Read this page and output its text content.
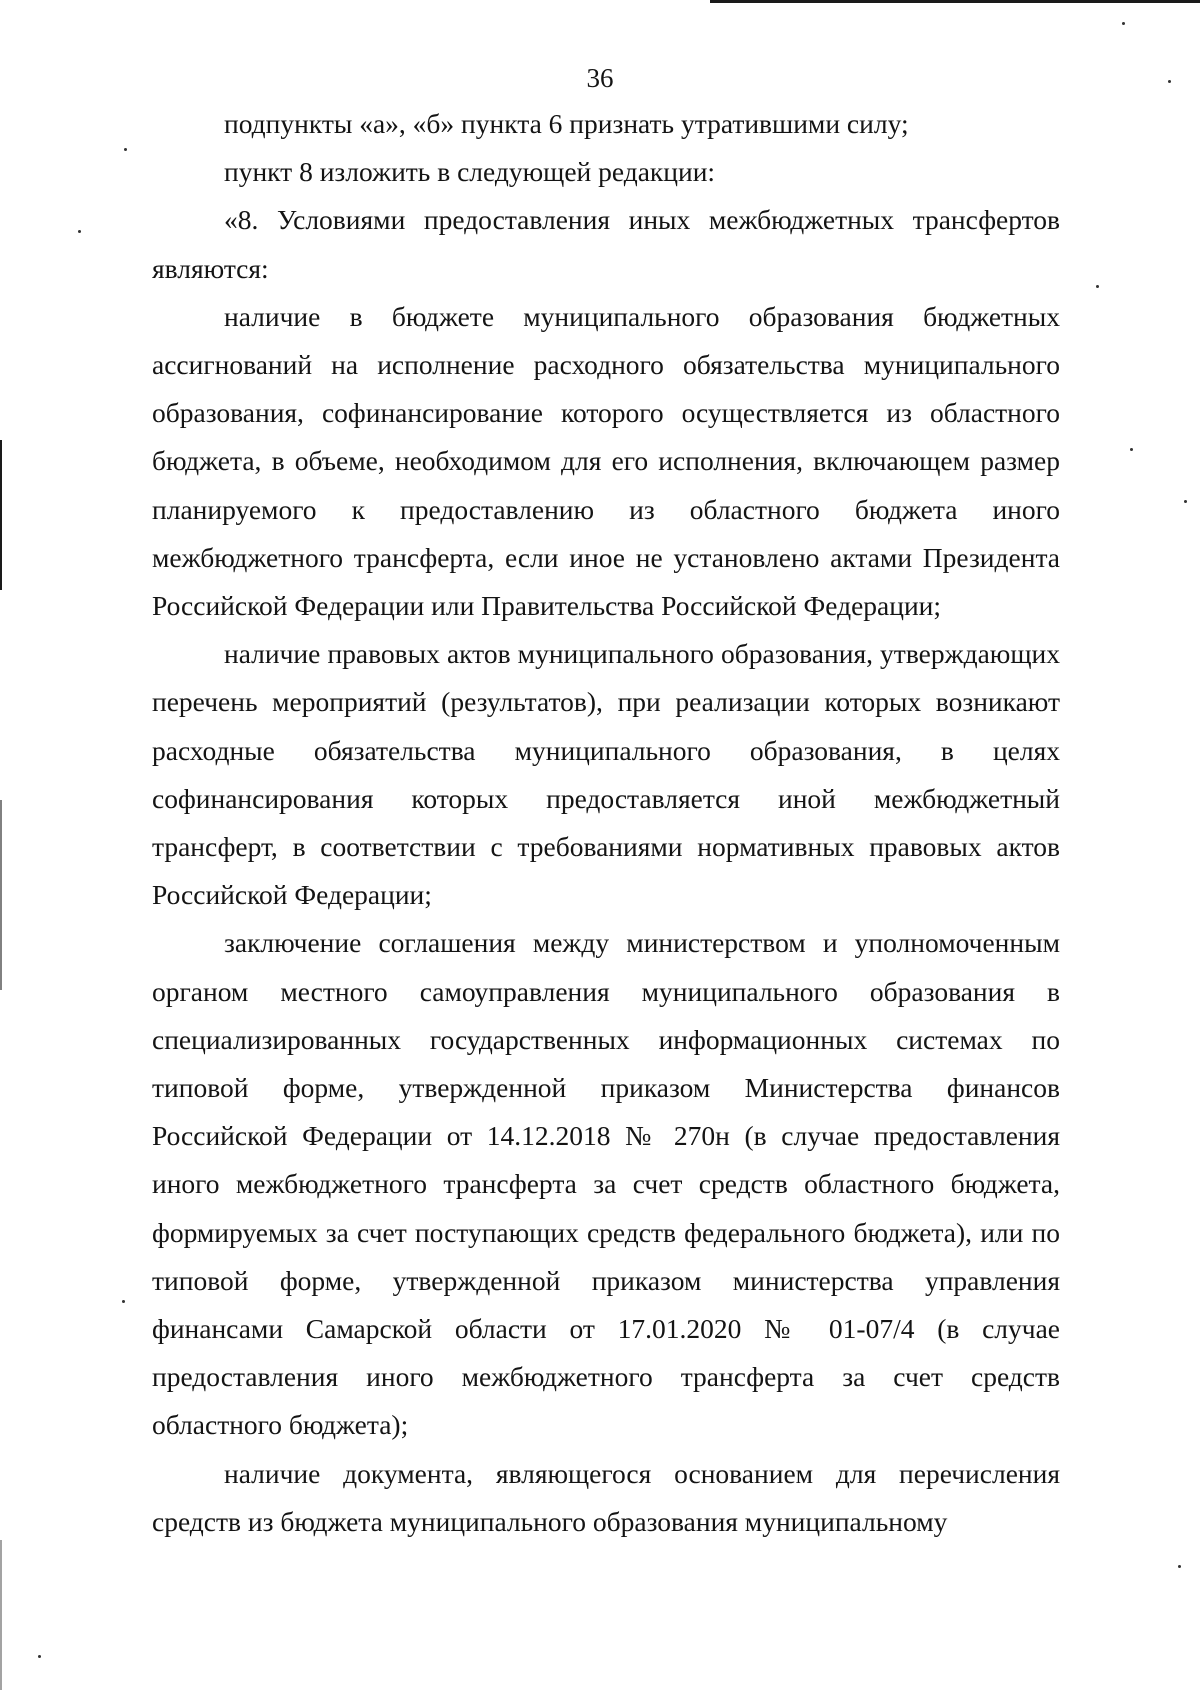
36

подпункты «а», «б» пункта 6 признать утратившими силу;

пункт 8 изложить в следующей редакции:

«8. Условиями предоставления иных межбюджетных трансфертов являются:

наличие в бюджете муниципального образования бюджетных ассигнований на исполнение расходного обязательства муниципального образования, софинансирование которого осуществляется из областного бюджета, в объеме, необходимом для его исполнения, включающем размер планируемого к предоставлению из областного бюджета иного межбюджетного трансферта, если иное не установлено актами Президента Российской Федерации или Правительства Российской Федерации;

наличие правовых актов муниципального образования, утверждающих перечень мероприятий (результатов), при реализации которых возникают расходные обязательства муниципального образования, в целях софинансирования которых предоставляется иной межбюджетный трансферт, в соответствии с требованиями нормативных правовых актов Российской Федерации;

заключение соглашения между министерством и уполномоченным органом местного самоуправления муниципального образования в специализированных государственных информационных системах по типовой форме, утвержденной приказом Министерства финансов Российской Федерации от 14.12.2018 № 270н (в случае предоставления иного межбюджетного трансферта за счет средств областного бюджета, формируемых за счет поступающих средств федерального бюджета), или по типовой форме, утвержденной приказом министерства управления финансами Самарской области от 17.01.2020 № 01-07/4 (в случае предоставления иного межбюджетного трансферта за счет средств областного бюджета);

наличие документа, являющегося основанием для перечисления средств из бюджета муниципального образования муниципальному
